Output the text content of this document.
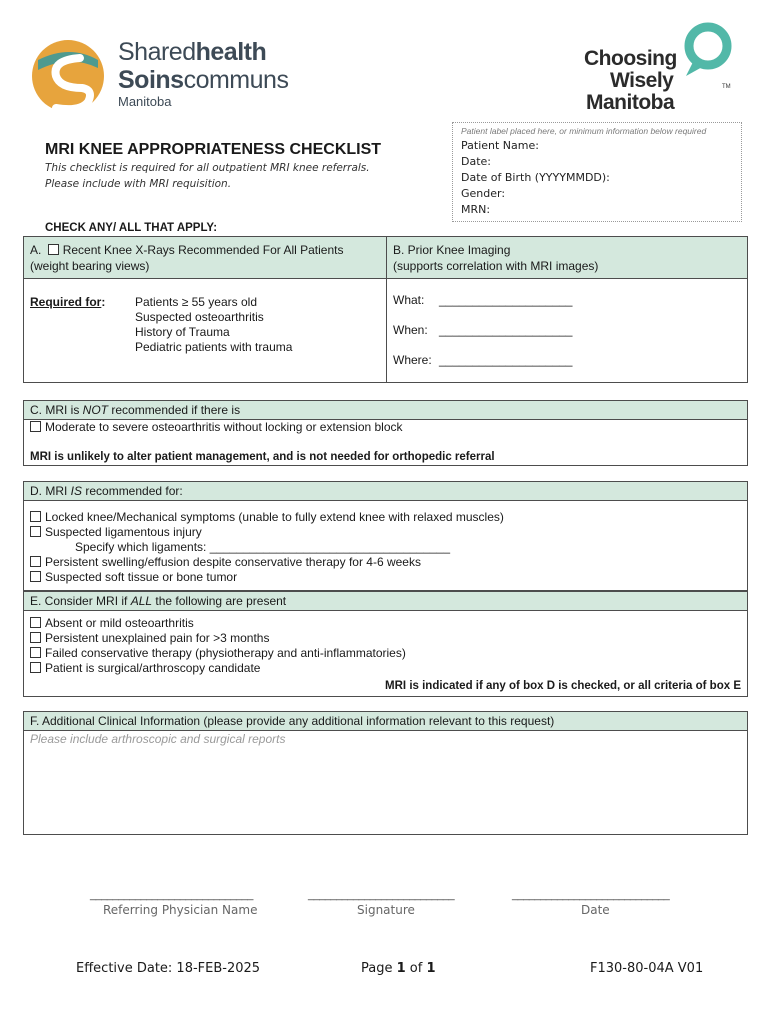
Sharedhealth
Soinscommuns
Manitoba
Choosing
Wisely
Manitoba
TM
Patient label placed here, or minimum information below required
Patient Name:
Date:
Date of Birth (YYYYMMDD):
Gender:
MRN:
MRI KNEE APPROPRIATENESS CHECKLIST
This checklist is required for all outpatient MRI knee referrals.
Please include with MRI requisition.
CHECK ANY/ ALL THAT APPLY:
A. Recent Knee X-Rays Recommended For All Patients
(weight bearing views)
B. Prior Knee Imaging
(supports correlation with MRI images)
Required for: Patients ≥ 55 years old
Suspected osteoarthritis
History of Trauma
Pediatric patients with trauma
What: ____________________
When: ____________________
Where: ____________________
C. MRI is NOT recommended if there is
Moderate to severe osteoarthritis without locking or extension block
MRI is unlikely to alter patient management, and is not needed for orthopedic referral
D. MRI IS recommended for:
Locked knee/Mechanical symptoms (unable to fully extend knee with relaxed muscles)
Suspected ligamentous injury
Specify which ligaments: ____________________________________
Persistent swelling/effusion despite conservative therapy for 4-6 weeks
Suspected soft tissue or bone tumor
E. Consider MRI if ALL the following are present
Absent or mild osteoarthritis
Persistent unexplained pain for >3 months
Failed conservative therapy (physiotherapy and anti-inflammatories)
Patient is surgical/arthroscopy candidate
MRI is indicated if any of box D is checked, or all criteria of box E
F. Additional Clinical Information (please provide any additional information relevant to this request)
Please include arthroscopic and surgical reports
_____________________________
Referring Physician Name
__________________________
Signature
____________________________
Date
Effective Date: 18-FEB-2025	Page 1 of 1	F130-80-04A V01
